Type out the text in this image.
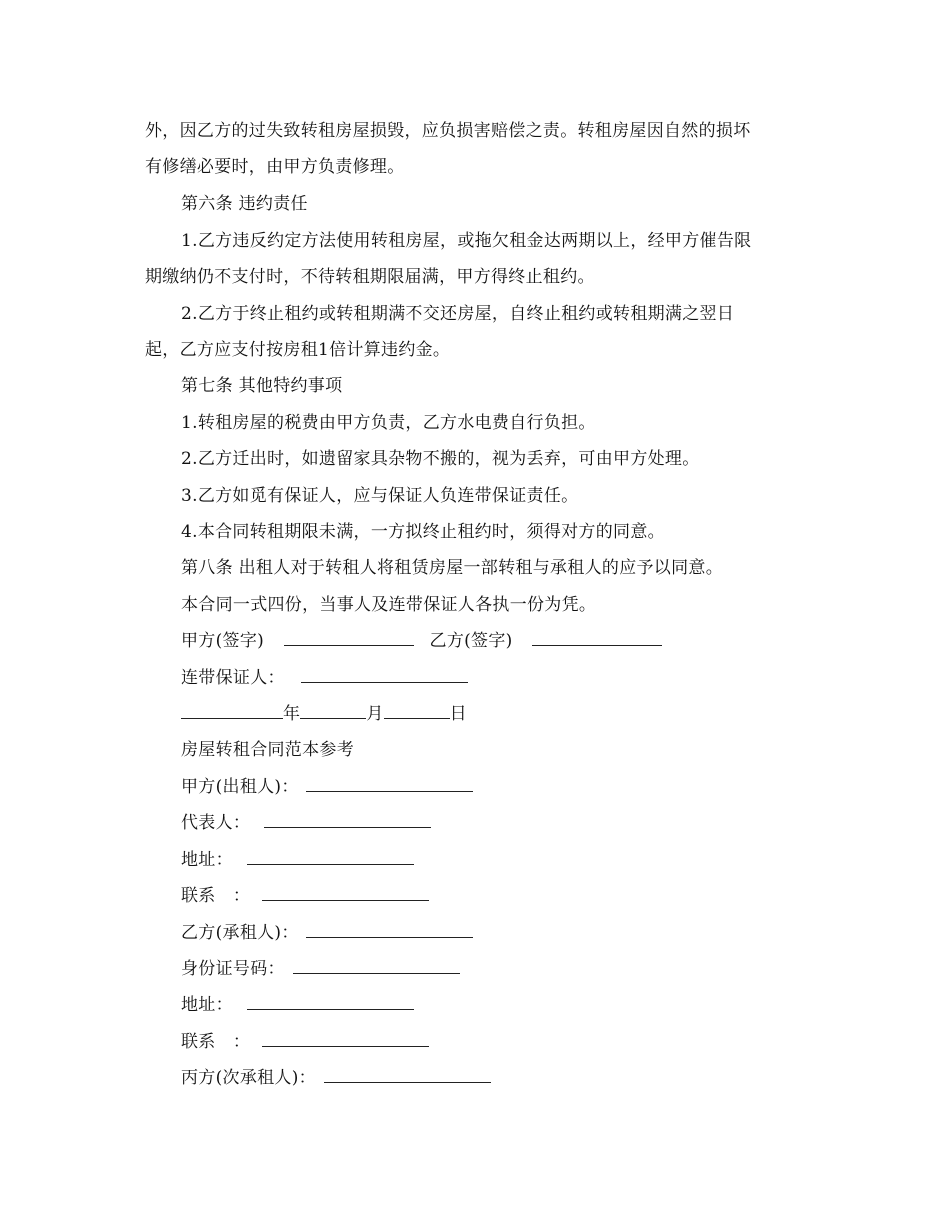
外，因乙方的过失致转租房屋损毁，应负损害赔偿之责。转租房屋因自然的损坏
有修缮必要时，由甲方负责修理。
第六条 违约责任
1.乙方违反约定方法使用转租房屋，或拖欠租金达两期以上，经甲方催告限
期缴纳仍不支付时，不待转租期限届满，甲方得终止租约。
2.乙方于终止租约或转租期满不交还房屋，自终止租约或转租期满之翌日
起，乙方应支付按房租1倍计算违约金。
第七条 其他特约事项
1.转租房屋的税费由甲方负责，乙方水电费自行负担。
2.乙方迁出时，如遗留家具杂物不搬的，视为丢弃，可由甲方处理。
3.乙方如觅有保证人，应与保证人负连带保证责任。
4.本合同转租期限未满，一方拟终止租约时，须得对方的同意。
第八条 出租人对于转租人将租赁房屋一部转租与承租人的应予以同意。
本合同一式四份，当事人及连带保证人各执一份为凭。
甲方(签字)	乙方(签字)
连带保证人：
年	月	日
房屋转租合同范本参考
甲方(出租人)：
代表人：
地址：
联系　：
乙方(承租人)：
身份证号码：
地址：
联系　：
丙方(次承租人)：
